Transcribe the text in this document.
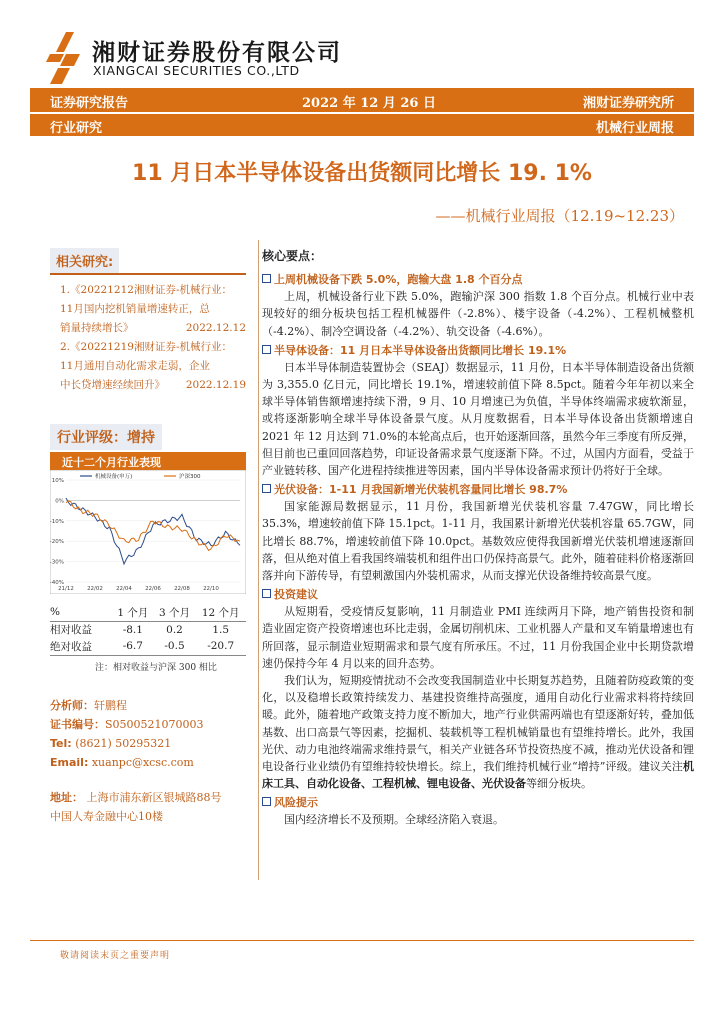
湘财证券股份有限公司
XIANGCAI SECURITIES CO.,LTD
证券研究报告	2022 年 12 月 26 日	湘财证券研究所
行业研究	机械行业周报
11 月日本半导体设备出货额同比增长 19. 1%
——机械行业周报（12.19~12.23）
相关研究:
1.《20221212湘财证券-机械行业：
11月国内挖机销量增速转正，总
销量持续增长》	2022.12.12
2.《20221219湘财证券-机械行业：
11月通用自动化需求走弱，企业
中长贷增速经续回升》 2022.12.19
行业评级：增持
近十二个月行业表现
10%
0%
-10%
-20%
-30%
-40%
21/12 22/02 22/04 22/06 22/08 22/10
机械设备(申万)	沪深300
%	1 个月	3 个月	12 个月
相对收益	-8.1	0.2	1.5
绝对收益	-6.7	-0.5	-20.7
注：相对收益与沪深 300 相比
分析师：轩鹏程
证书编号：S0500521070003
Tel: (8621) 50295321
Email: xuanpc@xcsc.com
地址： 上海市浦东新区银城路88号
中国人寿金融中心10楼
核心要点：
上周机械设备下跌 5.0%，跑输大盘 1.8 个百分点
上周，机械设备行业下跌 5.0%，跑输沪深 300 指数 1.8 个百分点。机械行业中表现较好的细分板块包括工程机械器件（-2.8%）、楼宇设备（-4.2%）、工程机械整机（-4.2%）、制冷空调设备（-4.2%）、轨交设备（-4.6%）。
半导体设备：11 月日本半导体设备出货额同比增长 19.1%
日本半导体制造装置协会（SEAJ）数据显示，11 月份，日本半导体制造设备出货额为 3,355.0 亿日元，同比增长 19.1%，增速较前值下降 8.5pct。随着今年年初以来全球半导体销售额增速持续下滑，9 月、10 月增速已为负值，半导体终端需求疲软渐显，或将逐渐影响全球半导体设备景气度。从月度数据看，日本半导体设备出货额增速自 2021 年 12 月达到 71.0%的本轮高点后，也开始逐渐回落，虽然今年三季度有所反弹，但目前也已重回回落趋势，印证设备需求景气度逐渐下降。不过，从国内方面看，受益于产业链转移、国产化进程持续推进等因素，国内半导体设备需求预计仍将好于全球。
光伏设备：1-11 月我国新增光伏装机容量同比增长 98.7%
国家能源局数据显示，11 月份，我国新增光伏装机容量 7.47GW，同比增长 35.3%，增速较前值下降 15.1pct。1-11 月，我国累计新增光伏装机容量 65.7GW，同比增长 88.7%，增速较前值下降 10.0pct。基数效应使得我国新增光伏装机增速逐渐回落，但从绝对值上看我国终端装机和组件出口仍保持高景气。此外，随着硅料价格逐渐回落并向下游传导，有望刺激国内外装机需求，从而支撑光伏设备维持较高景气度。
投资建议
从短期看，受疫情反复影响，11 月制造业 PMI 连续两月下降，地产销售投资和制造业固定资产投资增速也环比走弱，金属切削机床、工业机器人产量和叉车销量增速也有所回落，显示制造业短期需求和景气度有所承压。不过，11 月份我国企业中长期贷款增速仍保持今年 4 月以来的回升态势。
我们认为，短期疫情扰动不会改变我国制造业中长期复苏趋势，且随着防疫政策的变化，以及稳增长政策持续发力、基建投资维持高强度，通用自动化行业需求料将持续回暖。此外，随着地产政策支持力度不断加大，地产行业供需两端也有望逐渐好转，叠加低基数、出口高景气等因素，挖掘机、装载机等工程机械销量也有望维持增长。此外，我国光伏、动力电池终端需求维持景气，相关产业链各环节投资热度不减，推动光伏设备和锂电设备行业业绩仍有望维持较快增长。综上，我们维持机械行业“增持”评级。建议关注机床工具、自动化设备、工程机械、锂电设备、光伏设备等细分板块。
风险提示
国内经济增长不及预期。全球经济陷入衰退。
敬请阅读末页之重要声明
